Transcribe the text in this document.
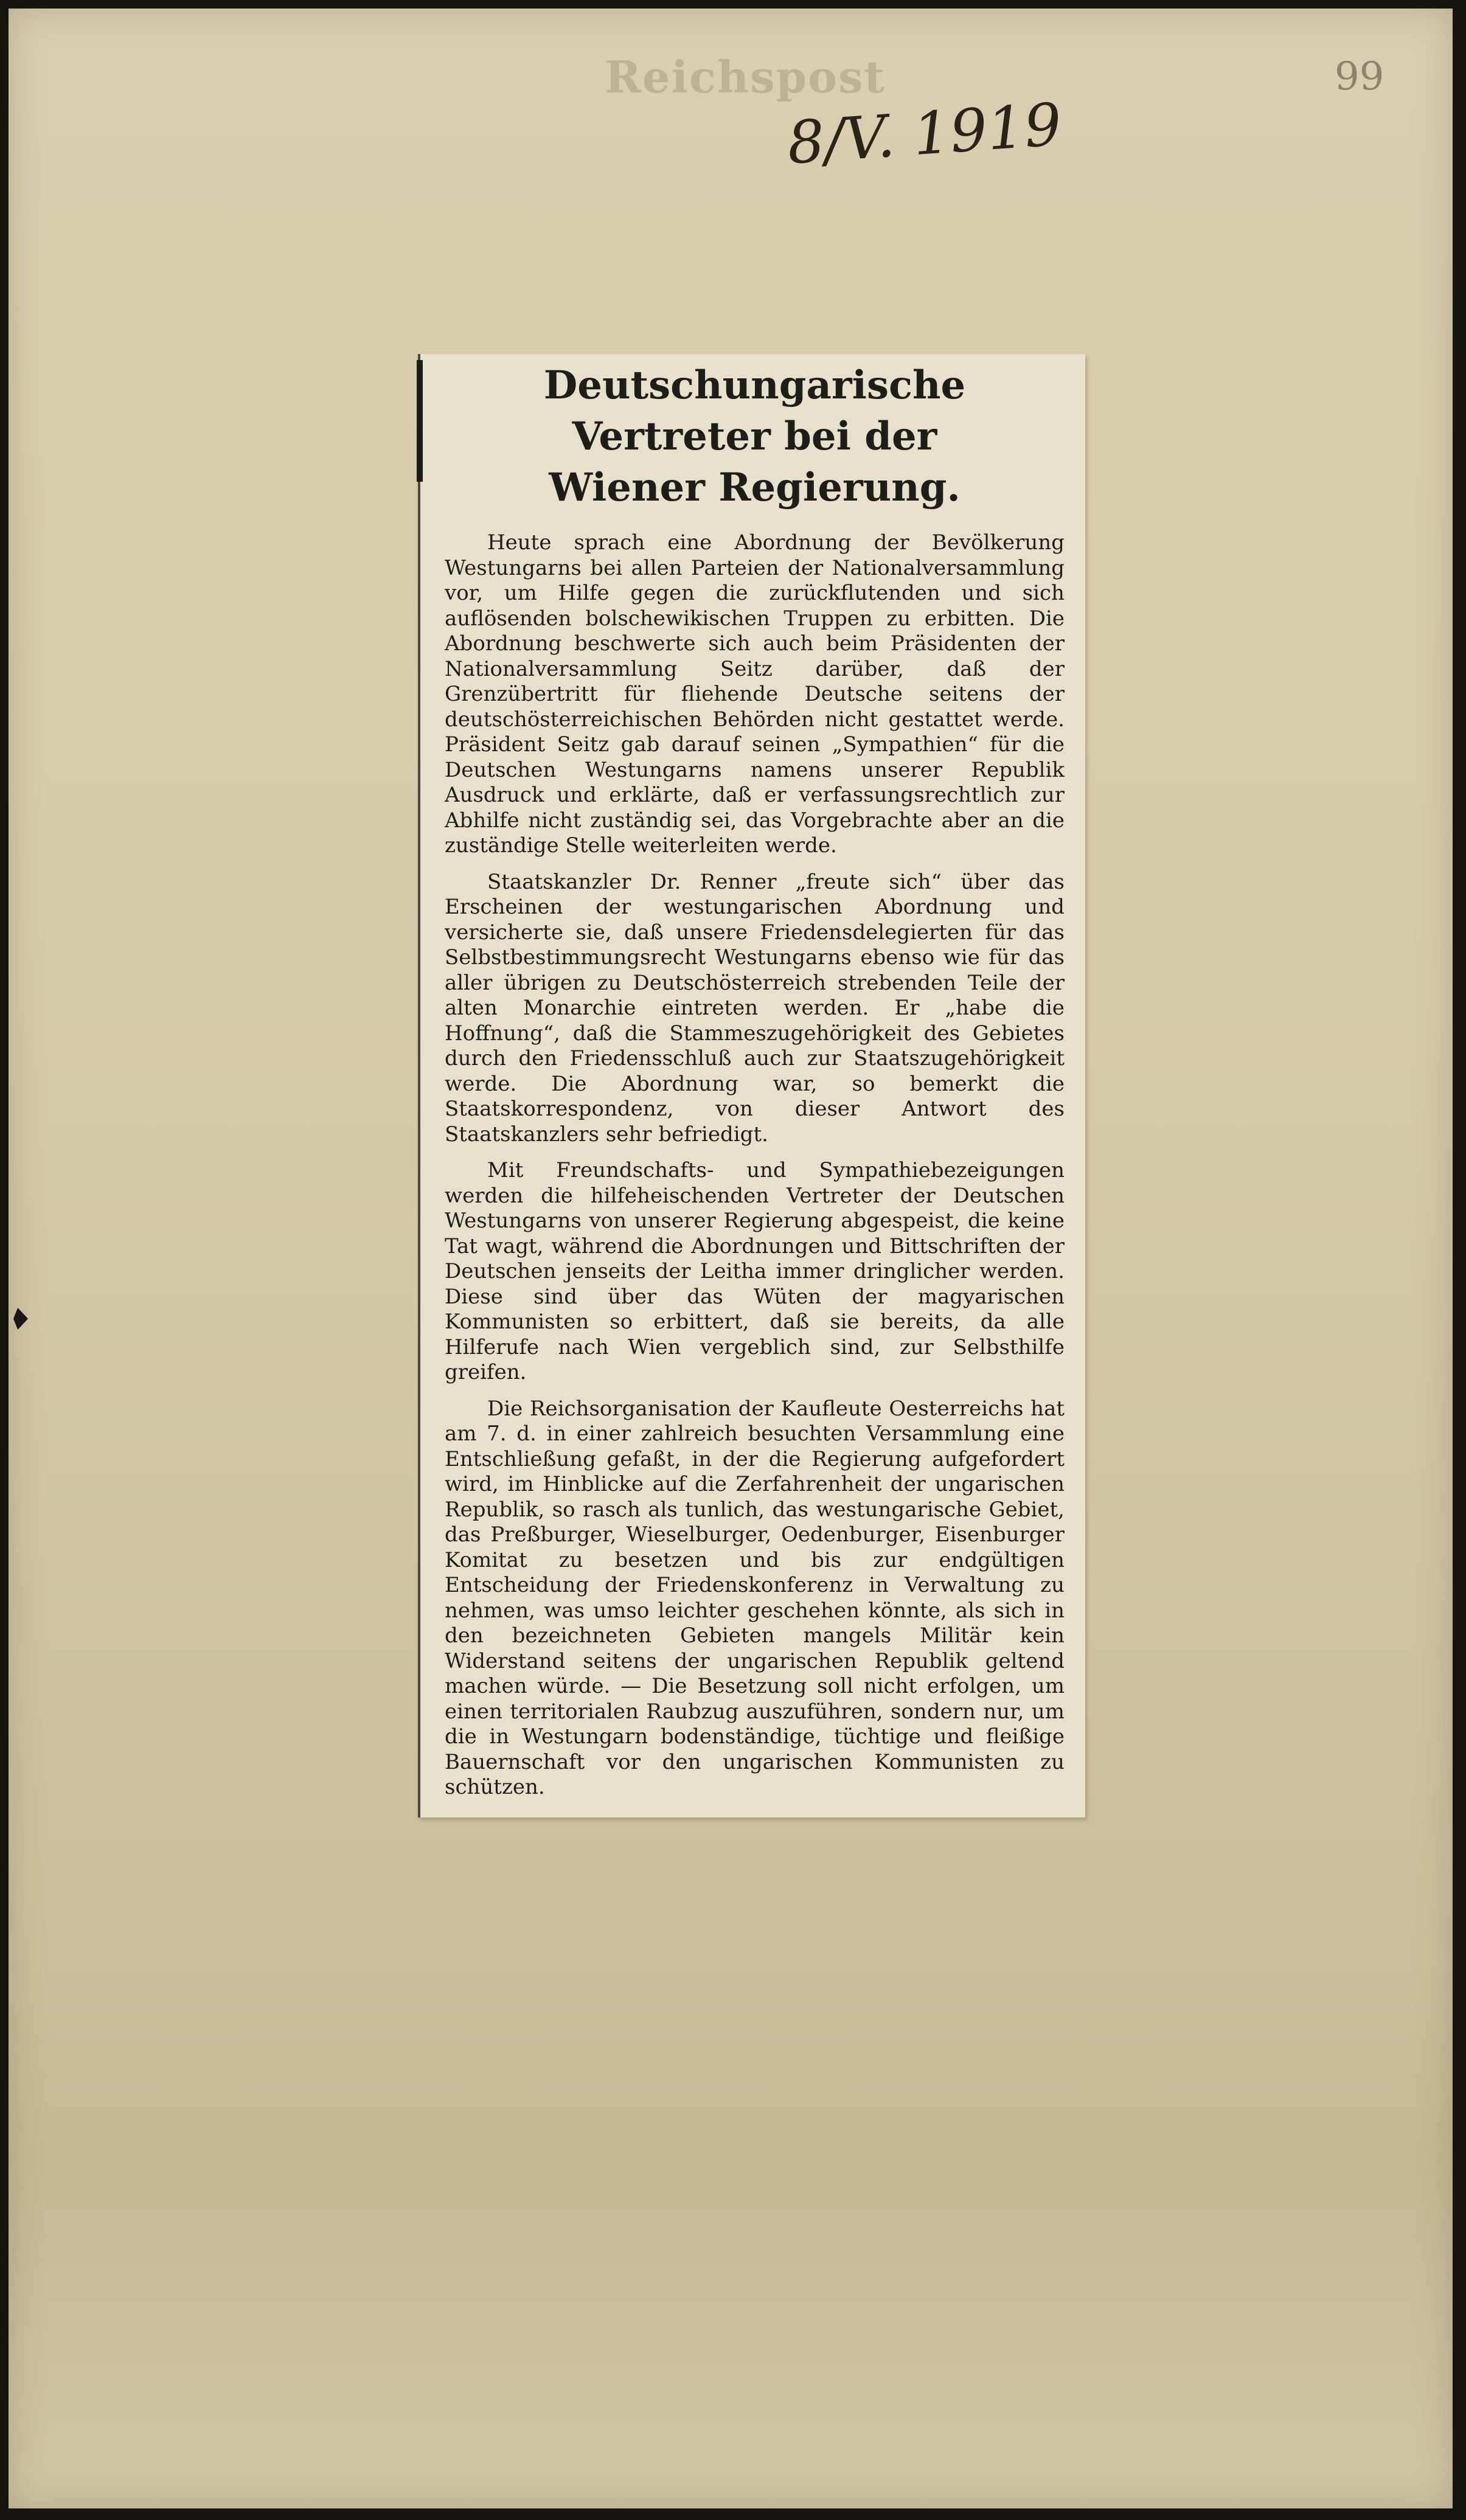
Reichspost
8/V. 1919
99
Deutschungarische Vertreter bei der
Wiener Regierung.

Heute sprach eine Abordnung der Bevölkerung Westungarns bei allen Parteien der Nationalversammlung vor, um Hilfe gegen die zurückflutenden und sich auflösenden bolschewikischen Truppen zu erbitten. Die Abordnung beschwerte sich auch beim Präsidenten der Nationalversammlung Seitz darüber, daß der Grenzübertritt für fliehende Deutsche seitens der deutschösterreichischen Behörden nicht gestattet werde. Präsident Seitz gab darauf seinen „Sympathien“ für die Deutschen Westungarns namens unserer Republik Ausdruck und erklärte, daß er verfassungsrechtlich zur Abhilfe nicht zuständig sei, das Vorgebrachte aber an die zuständige Stelle weiterleiten werde.

Staatskanzler Dr. Renner „freute sich“ über das Erscheinen der westungarischen Abordnung und versicherte sie, daß unsere Friedensdelegierten für das Selbstbestimmungsrecht Westungarns ebenso wie für das aller übrigen zu Deutschösterreich strebenden Teile der alten Monarchie eintreten werden. Er „habe die Hoffnung“, daß die Stammeszugehörigkeit des Gebietes durch den Friedensschluß auch zur Staatszugehörigkeit werde. Die Abordnung war, so bemerkt die Staatskorrespondenz, von dieser Antwort des Staatskanzlers sehr befriedigt.

Mit Freundschafts- und Sympathiebezeigungen werden die hilfeheischenden Vertreter der Deutschen Westungarns von unserer Regierung abgespeist, die keine Tat wagt, während die Abordnungen und Bittschriften der Deutschen jenseits der Leitha immer dringlicher werden. Diese sind über das Wüten der magyarischen Kommunisten so erbittert, daß sie bereits, da alle Hilferufe nach Wien vergeblich sind, zur Selbsthilfe greifen.

Die Reichsorganisation der Kaufleute Oesterreichs hat am 7. d. in einer zahlreich besuchten Versammlung eine Entschließung gefaßt, in der die Regierung aufgefordert wird, im Hinblicke auf die Zerfahrenheit der ungarischen Republik, so rasch als tunlich, das westungarische Gebiet, das Preßburger, Wieselburger, Oedenburger, Eisenburger Komitat zu besetzen und bis zur endgültigen Entscheidung der Friedenskonferenz in Verwaltung zu nehmen, was umso leichter geschehen könnte, als sich in den bezeichneten Gebieten mangels Militär kein Widerstand seitens der ungarischen Republik geltend machen würde. — Die Besetzung soll nicht erfolgen, um einen territorialen Raubzug auszuführen, sondern nur, um die in Westungarn bodenständige, tüchtige und fleißige Bauernschaft vor den ungarischen Kommunisten zu schützen.
